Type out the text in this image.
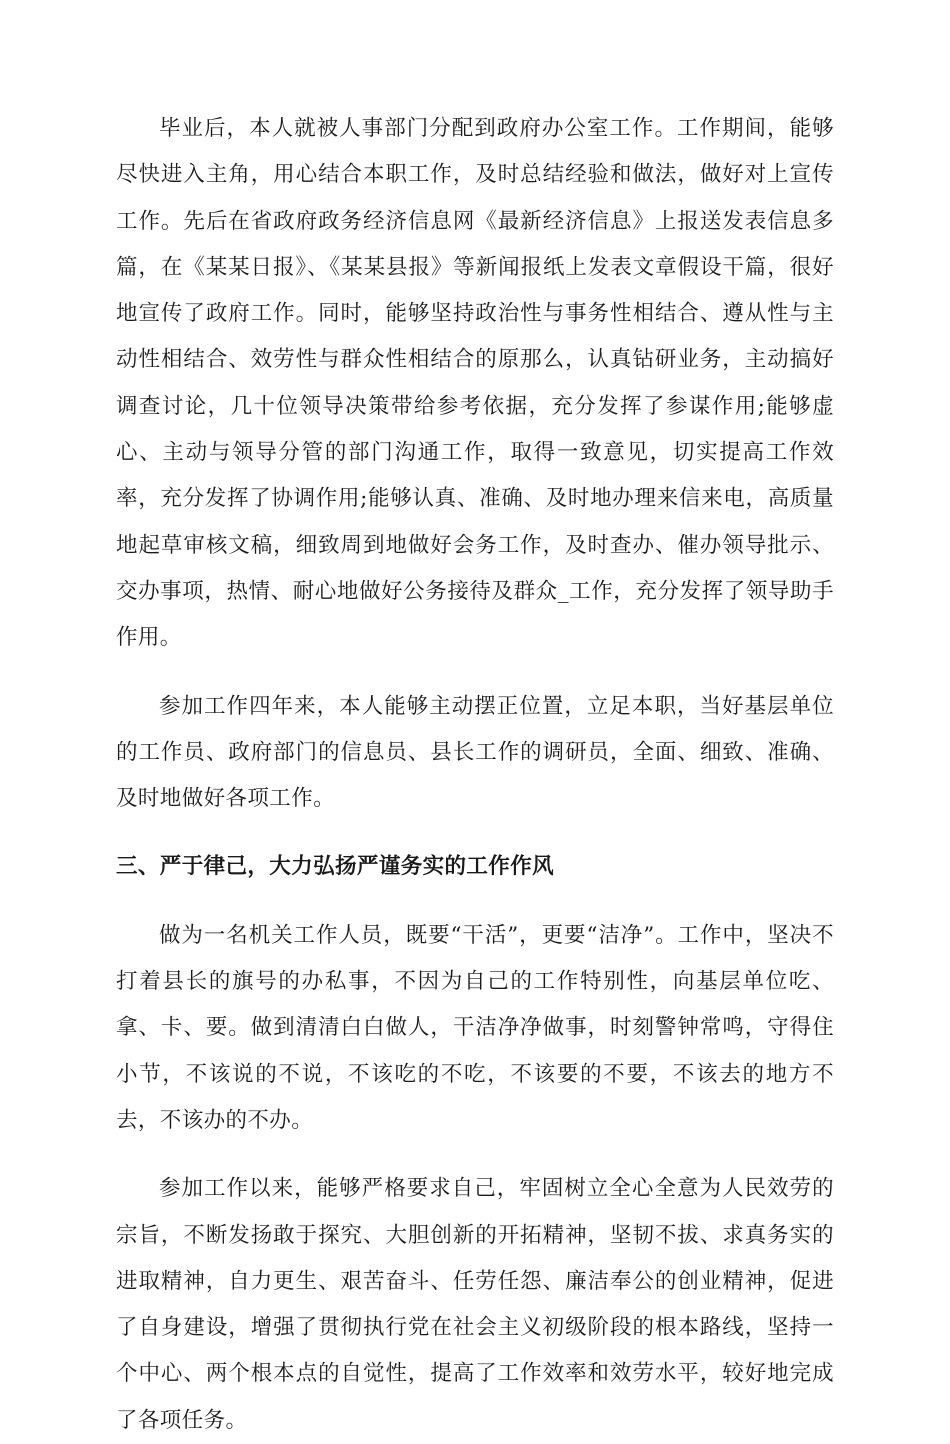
毕业后，本人就被人事部门分配到政府办公室工作。工作期间，能够尽快进入主角，用心结合本职工作，及时总结经验和做法，做好对上宣传工作。先后在省政府政务经济信息网《最新经济信息》上报送发表信息多篇，在《某某日报》、《某某县报》等新闻报纸上发表文章假设干篇，很好地宣传了政府工作。同时，能够坚持政治性与事务性相结合、遵从性与主动性相结合、效劳性与群众性相结合的原那么，认真钻研业务，主动搞好调查讨论，几十位领导决策带给参考依据，充分发挥了参谋作用;能够虚心、主动与领导分管的部门沟通工作，取得一致意见，切实提高工作效率，充分发挥了协调作用;能够认真、准确、及时地办理来信来电，高质量地起草审核文稿，细致周到地做好会务工作，及时查办、催办领导批示、交办事项，热情、耐心地做好公务接待及群众_工作，充分发挥了领导助手作用。

参加工作四年来，本人能够主动摆正位置，立足本职，当好基层单位的工作员、政府部门的信息员、县长工作的调研员，全面、细致、准确、及时地做好各项工作。

三、严于律己，大力弘扬严谨务实的工作作风

做为一名机关工作人员，既要“干活”，更要“洁净”。工作中，坚决不打着县长的旗号的办私事，不因为自己的工作特别性，向基层单位吃、拿、卡、要。做到清清白白做人，干洁净净做事，时刻警钟常鸣，守得住小节，不该说的不说，不该吃的不吃，不该要的不要，不该去的地方不去，不该办的不办。

参加工作以来，能够严格要求自己，牢固树立全心全意为人民效劳的宗旨，不断发扬敢于探究、大胆创新的开拓精神，坚韧不拔、求真务实的进取精神，自力更生、艰苦奋斗、任劳任怨、廉洁奉公的创业精神，促进了自身建设，增强了贯彻执行党在社会主义初级阶段的根本路线，坚持一个中心、两个根本点的自觉性，提高了工作效率和效劳水平，较好地完成了各项任务。
